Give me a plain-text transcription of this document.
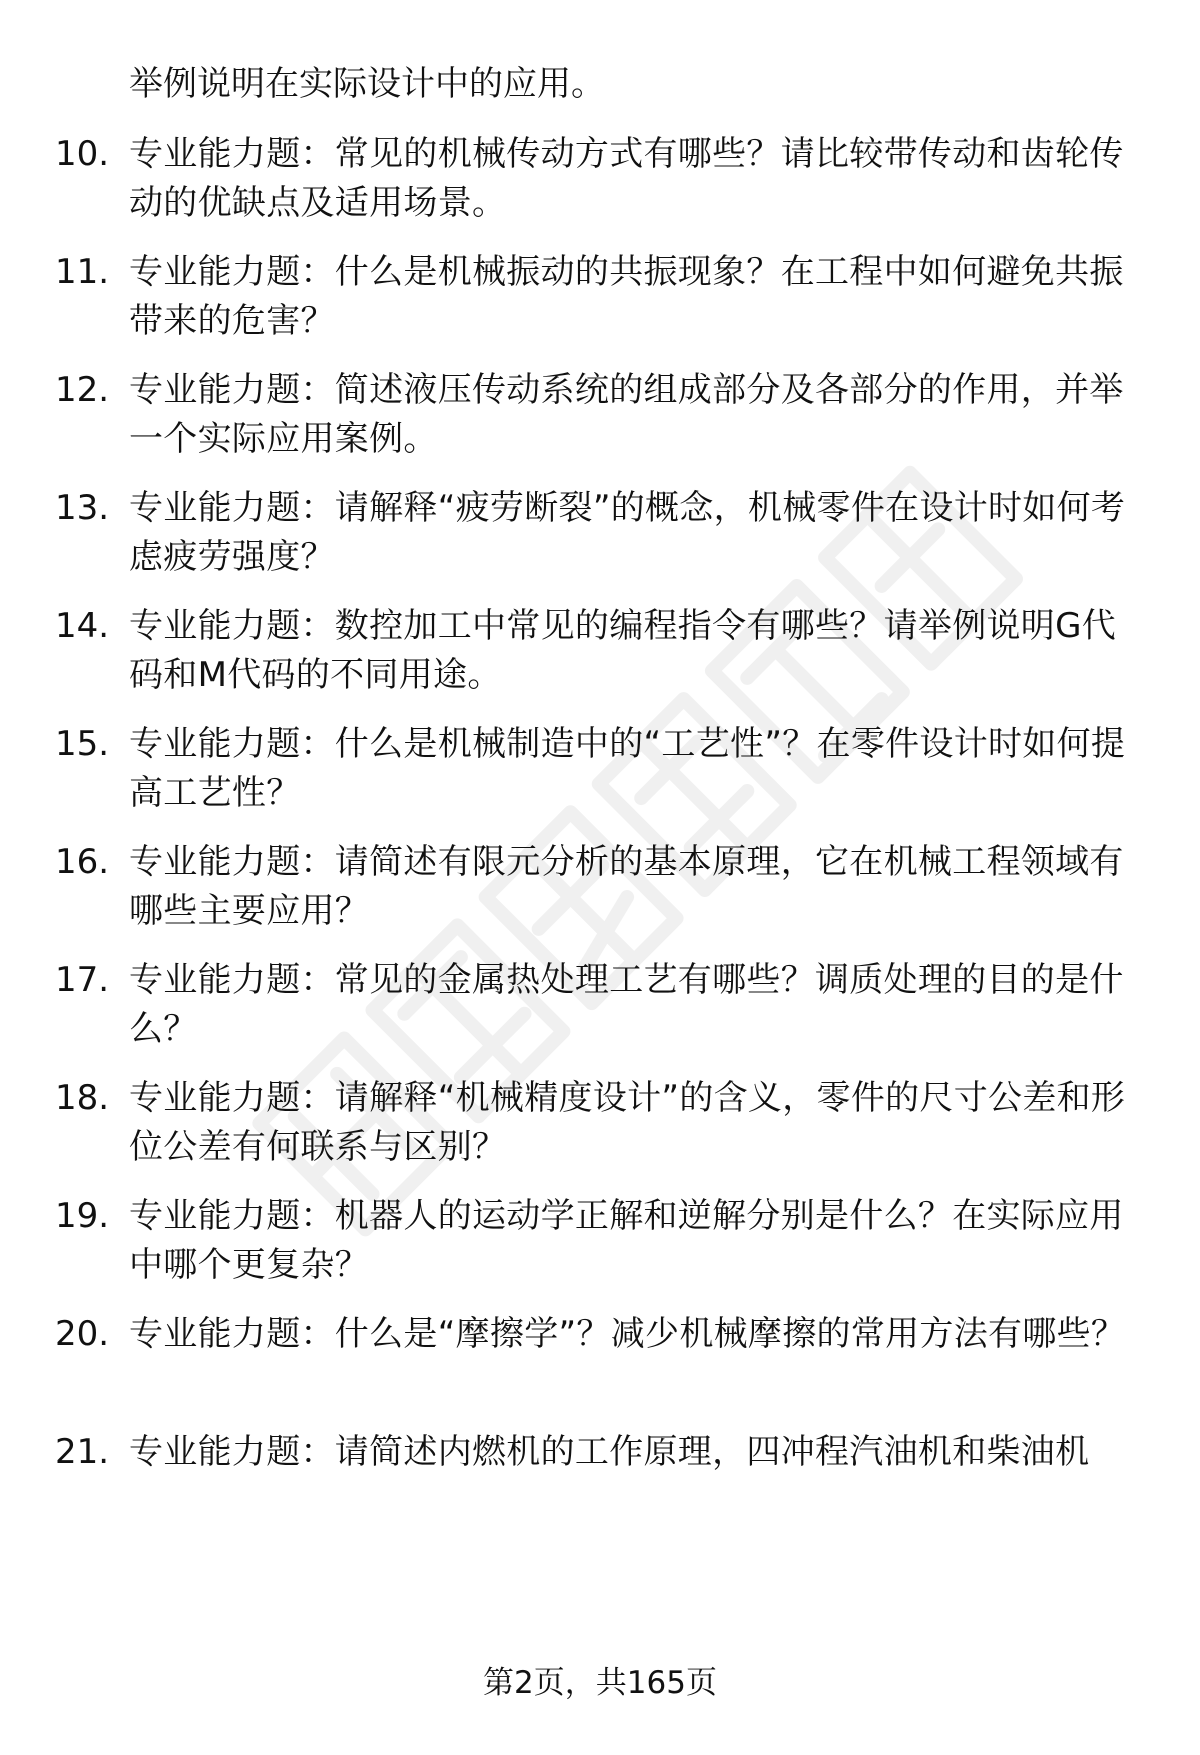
举例说明在实际设计中的应用。
10. 专业能力题：常见的机械传动方式有哪些？请比较带传动和齿轮传动的优缺点及适用场景。
11. 专业能力题：什么是机械振动的共振现象？在工程中如何避免共振带来的危害？
12. 专业能力题：简述液压传动系统的组成部分及各部分的作用，并举一个实际应用案例。
13. 专业能力题：请解释“疲劳断裂”的概念，机械零件在设计时如何考虑疲劳强度？
14. 专业能力题：数控加工中常见的编程指令有哪些？请举例说明G代码和M代码的不同用途。
15. 专业能力题：什么是机械制造中的“工艺性”？在零件设计时如何提高工艺性？
16. 专业能力题：请简述有限元分析的基本原理，它在机械工程领域有哪些主要应用？
17. 专业能力题：常见的金属热处理工艺有哪些？调质处理的目的是什么？
18. 专业能力题：请解释“机械精度设计”的含义，零件的尺寸公差和形位公差有何联系与区别？
19. 专业能力题：机器人的运动学正解和逆解分别是什么？在实际应用中哪个更复杂？
20. 专业能力题：什么是“摩擦学”？减少机械摩擦的常用方法有哪些？
21. 专业能力题：请简述内燃机的工作原理，四冲程汽油机和柴油机
第2页，共165页
